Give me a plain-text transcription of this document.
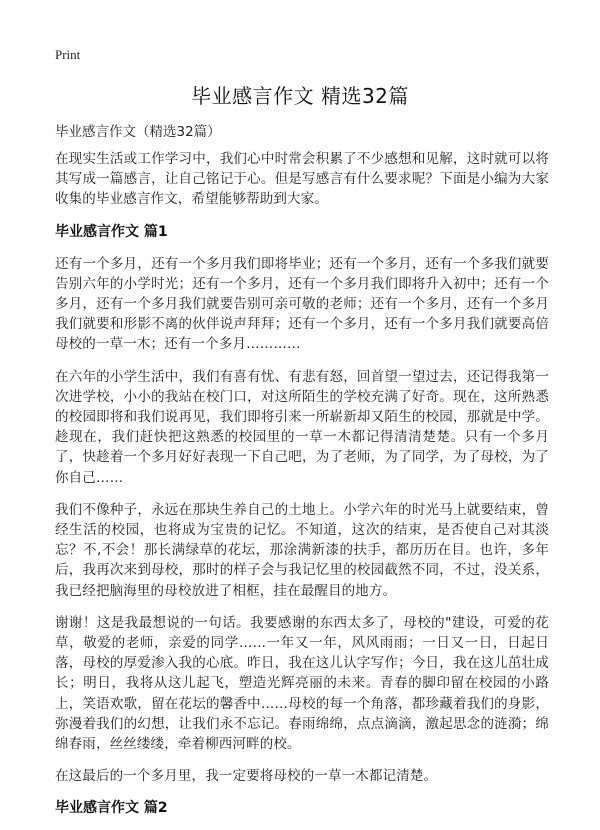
Print
毕业感言作文 精选32篇
毕业感言作文（精选32篇）

在现实生活或工作学习中，我们心中时常会积累了不少感想和见解，这时就可以将其写成一篇感言，让自己铭记于心。但是写感言有什么要求呢？下面是小编为大家收集的毕业感言作文，希望能够帮助到大家。

毕业感言作文 篇1

还有一个多月，还有一个多月我们即将毕业；还有一个多月，还有一个多我们就要告别六年的小学时光；还有一个多月，还有一个多月我们即将升入初中；还有一个多月，还有一个多月我们就要告别可亲可敬的老师；还有一个多月，还有一个多月我们就要和形影不离的伙伴说声拜拜；还有一个多月，还有一个多月我们就要高倍母校的一草一木；还有一个多月…………

在六年的小学生活中，我们有喜有忧、有悲有怒，回首望一望过去，还记得我第一次进学校，小小的我站在校门口，对这所陌生的学校充满了好奇。现在，这所熟悉的校园即将和我们说再见，我们即将引来一所崭新却又陌生的校园，那就是中学。趁现在，我们赶快把这熟悉的校园里的一草一木都记得清清楚楚。只有一个多月了，快趁着一个多月好好表现一下自己吧，为了老师，为了同学，为了母校，为了你自己……

我们不像种子，永远在那块生养自己的土地上。小学六年的时光马上就要结束，曾经生活的校园，也将成为宝贵的记忆。不知道，这次的结束，是否使自己对其淡忘？不,不会！那长满绿草的花坛，那涂满新漆的扶手，都历历在目。也许，多年后，我再次来到母校，那时的样子会与我记忆里的校园截然不同，不过，没关系，我已经把脑海里的母校放进了相框，挂在最醒目的地方。

谢谢！这是我最想说的一句话。我要感谢的东西太多了，母校的"建设，可爱的花草，敬爱的老师，亲爱的同学……一年又一年，风风雨雨；一日又一日，日起日落，母校的厚爱渗入我的心底。昨日，我在这儿认字写作；今日，我在这儿茁壮成长；明日，我将从这儿起飞，塑造光辉亮丽的未来。青春的脚印留在校园的小路上，笑语欢歌，留在花坛的馨香中……母校的每一个角落，都珍藏着我们的身影，弥漫着我们的幻想，让我们永不忘记。春雨绵绵，点点滴滴，激起思念的涟漪；绵绵春雨，丝丝缕缕，牵着柳西河畔的校。

在这最后的一个多月里，我一定要将母校的一草一木都记清楚。

毕业感言作文 篇2
